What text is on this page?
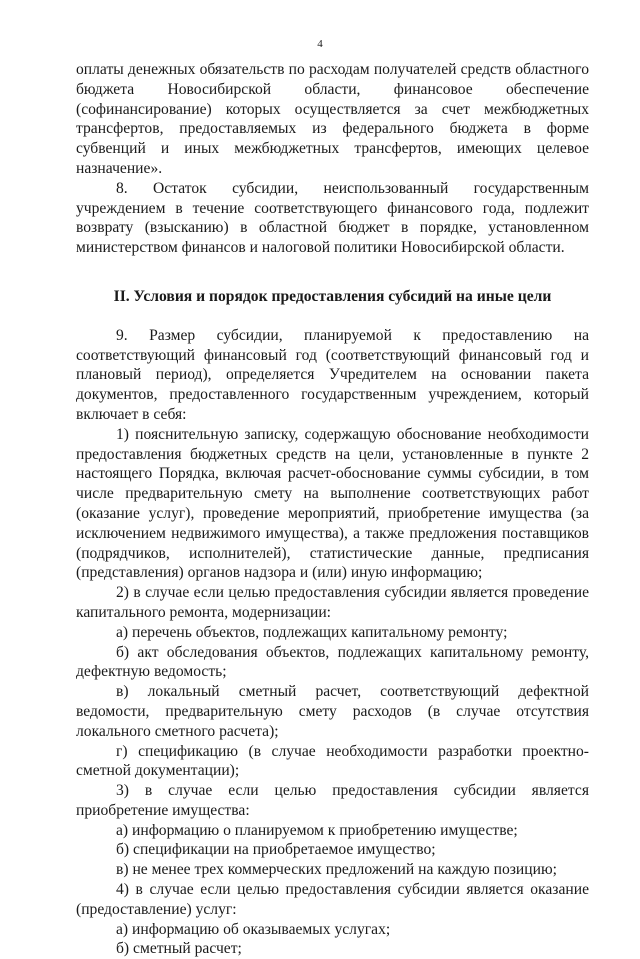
4

оплаты денежных обязательств по расходам получателей средств областного бюджета Новосибирской области, финансовое обеспечение (софинансирование) которых осуществляется за счет межбюджетных трансфертов, предоставляемых из федерального бюджета в форме субвенций и иных межбюджетных трансфертов, имеющих целевое назначение».

8. Остаток субсидии, неиспользованный государственным учреждением в течение соответствующего финансового года, подлежит возврату (взысканию) в областной бюджет в порядке, установленном министерством финансов и налоговой политики Новосибирской области.

II. Условия и порядок предоставления субсидий на иные цели

9. Размер субсидии, планируемой к предоставлению на соответствующий финансовый год (соответствующий финансовый год и плановый период), определяется Учредителем на основании пакета документов, предоставленного государственным учреждением, который включает в себя:

1) пояснительную записку, содержащую обоснование необходимости предоставления бюджетных средств на цели, установленные в пункте 2 настоящего Порядка, включая расчет-обоснование суммы субсидии, в том числе предварительную смету на выполнение соответствующих работ (оказание услуг), проведение мероприятий, приобретение имущества (за исключением недвижимого имущества), а также предложения поставщиков (подрядчиков, исполнителей), статистические данные, предписания (представления) органов надзора и (или) иную информацию;

2) в случае если целью предоставления субсидии является проведение капитального ремонта, модернизации:

а) перечень объектов, подлежащих капитальному ремонту;

б) акт обследования объектов, подлежащих капитальному ремонту, дефектную ведомость;

в) локальный сметный расчет, соответствующий дефектной ведомости, предварительную смету расходов (в случае отсутствия локального сметного расчета);

г) спецификацию (в случае необходимости разработки проектно-сметной документации);

3) в случае если целью предоставления субсидии является приобретение имущества:

а) информацию о планируемом к приобретению имуществе;

б) спецификации на приобретаемое имущество;

в) не менее трех коммерческих предложений на каждую позицию;

4) в случае если целью предоставления субсидии является оказание (предоставление) услуг:

а) информацию об оказываемых услугах;

б) сметный расчет;
